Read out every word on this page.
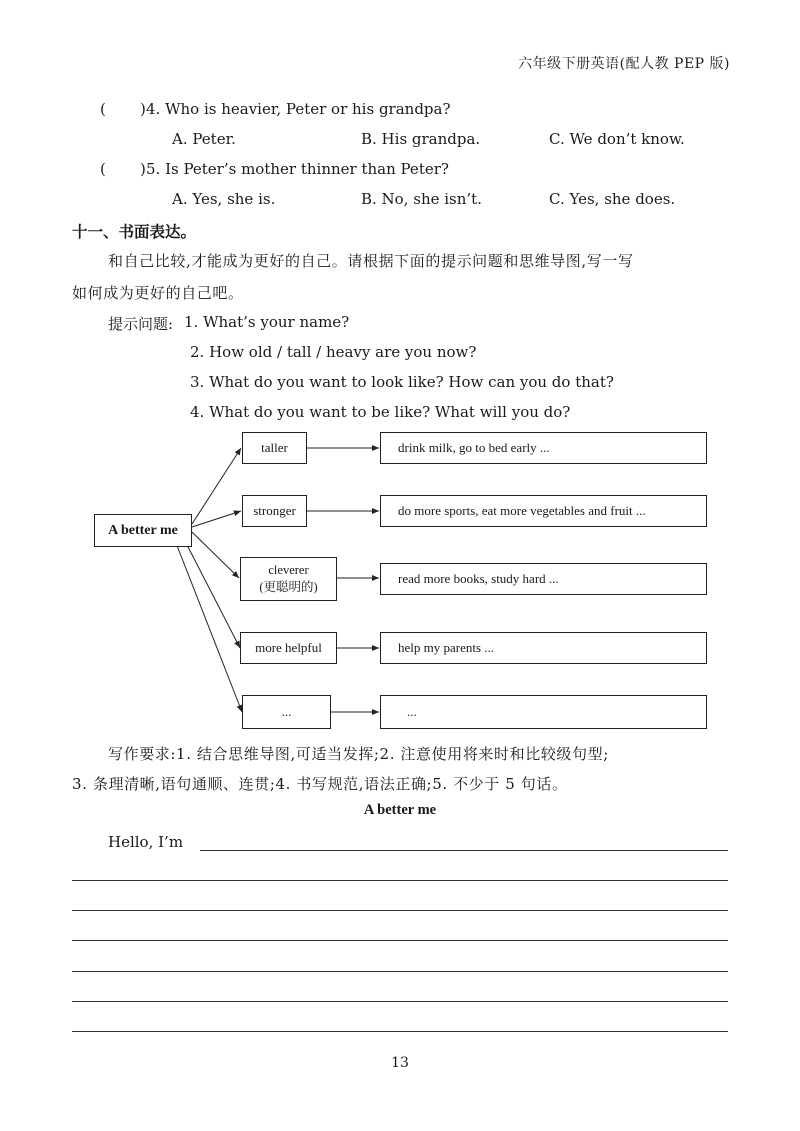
六年级下册英语(配人教 PEP 版)
( ) 4. Who is heavier, Peter or his grandpa?
A. Peter.	B. His grandpa.	C. We don’t know.
( ) 5. Is Peter’s mother thinner than Peter?
A. Yes, she is.	B. No, she isn’t.	C. Yes, she does.
十一、书面表达。
和自己比较,才能成为更好的自己。请根据下面的提示问题和思维导图,写一写
如何成为更好的自己吧。
提示问题: 1. What’s your name?
2. How old / tall / heavy are you now?
3. What do you want to look like? How can you do that?
4. What do you want to be like? What will you do?
A better me
taller
stronger
cleverer
(更聪明的)
more helpful
...
drink milk, go to bed early ...
do more sports, eat more vegetables and fruit ...
read more books, study hard ...
help my parents ...
...
写作要求:1. 结合思维导图,可适当发挥;2. 注意使用将来时和比较级句型;
3. 条理清晰,语句通顺、连贯;4. 书写规范,语法正确;5. 不少于 5 句话。
A better me
Hello, I’m
13
